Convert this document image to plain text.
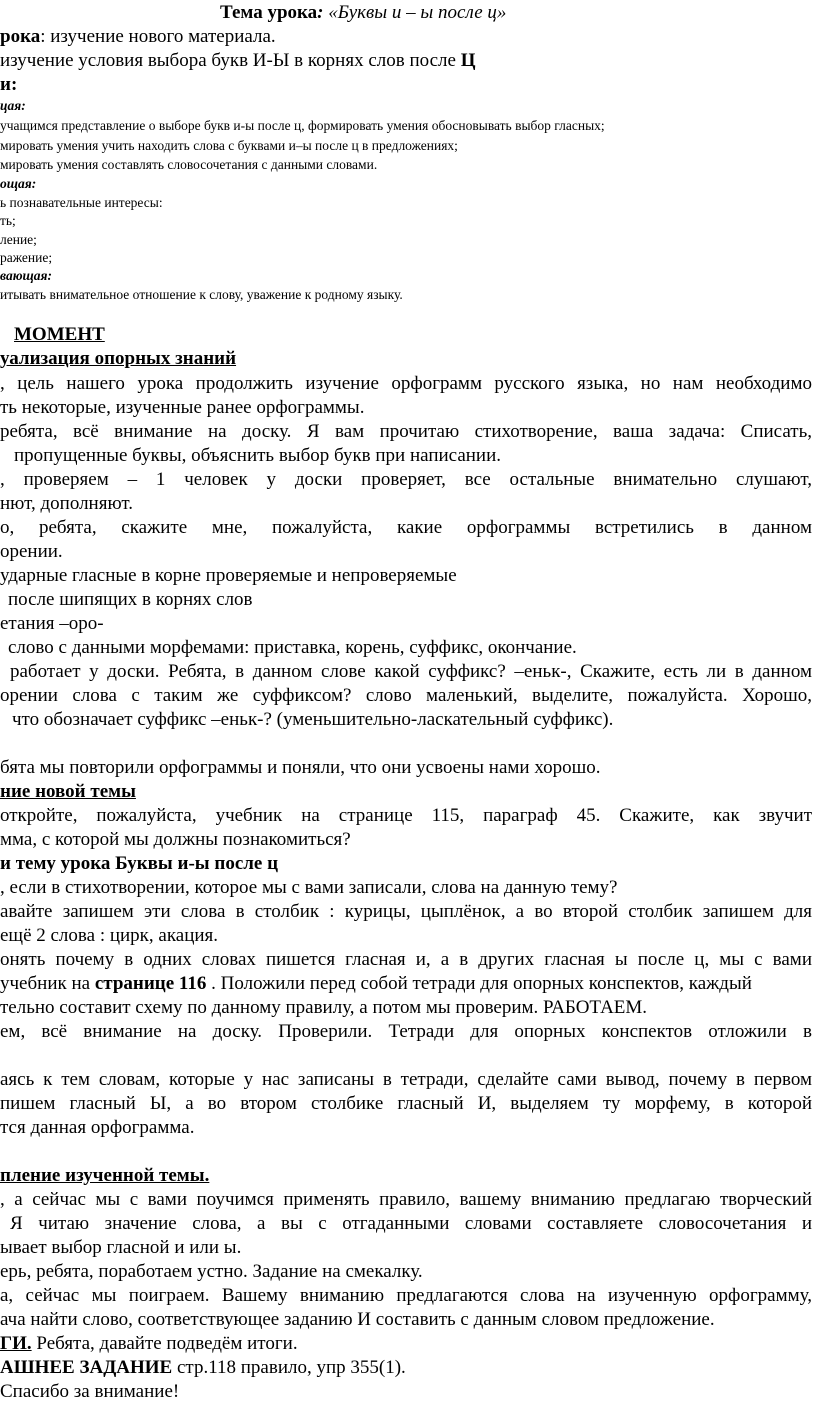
Тема урока: «Буквы и – ы после ц»
рока: изучение нового материала.
изучение условия выбора букв И-Ы в корнях слов после Ц
и:
цая:
учащимся представление о выборе букв и-ы после ц, формировать умения обосновывать выбор гласных;
мировать умения учить находить слова с буквами и–ы после ц в предложениях;
мировать умения составлять словосочетания с данными словами.
ощая:
ь познавательные интересы:
ть;
ление;
ражение;
вающая:
итывать внимательное отношение к слову, уважение к родному языку.
МОМЕНТ
уализация опорных знаний
, цель нашего урока продолжить изучение орфограмм русского языка, но нам необходимо
ть некоторые, изученные ранее орфограммы.
ребята, всё внимание на доску. Я вам прочитаю стихотворение, ваша задача: Списать,
пропущенные буквы, объяснить выбор букв при написании.
, проверяем – 1 человек у доски проверяет, все остальные внимательно слушают,
нют, дополняют.
о, ребята, скажите мне, пожалуйста, какие орфограммы встретились в данном
орении.
ударные гласные в корне проверяемые и непроверяемые
после шипящих в корнях слов
етания –оро-
слово с данными морфемами: приставка, корень, суффикс, окончание.
работает у доски. Ребята, в данном слове какой суффикс? –еньк-, Скажите, есть ли в данном
орении слова с таким же суффиксом? слово маленький, выделите, пожалуйста. Хорошо,
что обозначает суффикс –еньк-? (уменьшительно-ласкательный суффикс).
бята мы повторили орфограммы и поняли, что они усвоены нами хорошо.
ние новой темы
откройте, пожалуйста, учебник на странице 115, параграф 45. Скажите, как звучит
мма, с которой мы должны познакомиться?
и тему урока Буквы и-ы после ц
, если в стихотворении, которое мы с вами записали, слова на данную тему?
авайте запишем эти слова в столбик : курицы, цыплёнок, а во второй столбик запишем для
ещё 2 слова : цирк, акация.
онять почему в одних словах пишется гласная и, а в других гласная ы после ц, мы с вами
учебник на странице 116 . Положили перед собой тетради для опорных конспектов, каждый
тельно составит схему по данному правилу, а потом мы проверим. РАБОТАЕМ.
ем, всё внимание на доску. Проверили. Тетради для опорных конспектов отложили в
аясь к тем словам, которые у нас записаны в тетради, сделайте сами вывод, почему в первом
пишем гласный Ы, а во втором столбике гласный И, выделяем ту морфему, в которой
тся данная орфограмма.
пление изученной темы.
, а сейчас мы с вами поучимся применять правило, вашему вниманию предлагаю творческий
Я читаю значение слова, а вы с отгаданными словами составляете словосочетания и
ывает выбор гласной и или ы.
ерь, ребята, поработаем устно. Задание на смекалку.
а, сейчас мы поиграем. Вашему вниманию предлагаются слова на изученную орфограмму,
ача найти слово, соответствующее заданию И составить с данным словом предложение.
ГИ. Ребята, давайте подведём итоги.
АШНЕЕ ЗАДАНИЕ стр.118 правило, упр 355(1).
Спасибо за внимание!
